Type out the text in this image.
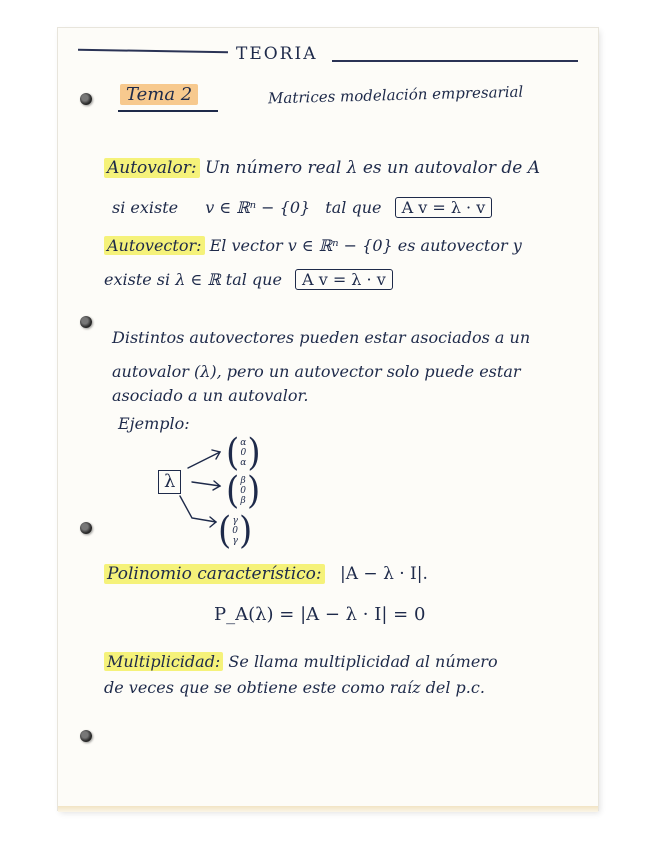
TEORIA
Tema 2	Matrices modelación empresarial
Autovalor: Un número real λ es un autovalor de A
si existe v ∈ ℝⁿ − {0} tal que A v = λ · v
Autovector: El vector v ∈ ℝⁿ − {0} es autovector y
existe si λ ∈ ℝ tal que A v = λ · v
Distintos autovectores pueden estar asociados a un
autovalor (λ), pero un autovector solo puede estar
asociado a un autovalor.
Ejemplo:
λ
( α
0
α )
( β
0
β )
( γ
0
γ )
Polinomio característico: |A − λ · I|.
P_A(λ) = |A − λ · I| = 0
Multiplicidad: Se llama multiplicidad al número
de veces que se obtiene este como raíz del p.c.
